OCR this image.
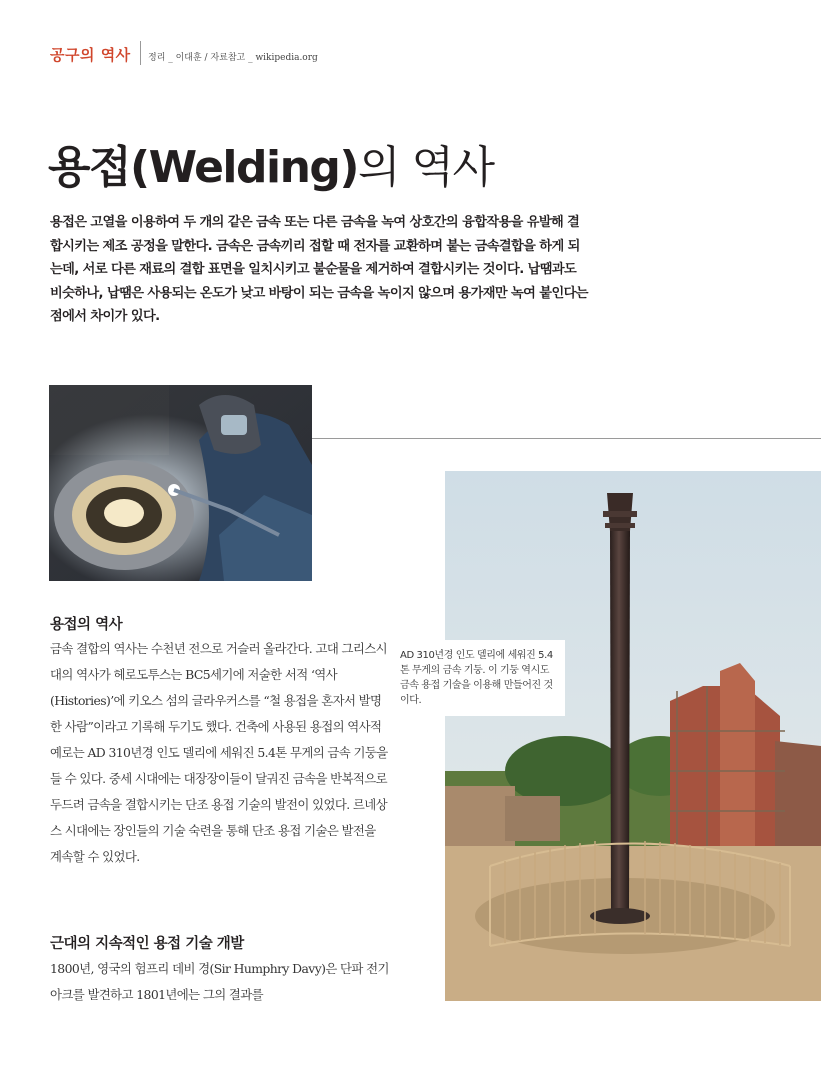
공구의 역사 정리 _ 이대훈 / 자료참고 _ wikipedia.org
용접(Welding)의 역사

용접은 고열을 이용하여 두 개의 같은 금속 또는 다른 금속을 녹여 상호간의 융합작용을 유발해 결합시키는 제조 공정을 말한다. 금속은 금속끼리 접할 때 전자를 교환하며 붙는 금속결합을 하게 되는데, 서로 다른 재료의 결합 표면을 일치시키고 불순물을 제거하여 결합시키는 것이다. 납땜과도 비슷하나, 납땜은 사용되는 온도가 낮고 바탕이 되는 금속을 녹이지 않으며 용가재만 녹여 붙인다는 점에서 차이가 있다.

AD 310년경 인도 델리에 세워진 5.4톤 무게의 금속 기둥. 이 기둥 역시도 금속 용접 기술을 이용해 만들어진 것이다.

용접의 역사

금속 결합의 역사는 수천년 전으로 거슬러 올라간다. 고대 그리스시대의 역사가 헤로도투스는 BC5세기에 저술한 서적 ‘역사(Histories)’에 키오스 섬의 글라우커스를 “철 용접을 혼자서 발명한 사람”이라고 기록해 두기도 했다. 건축에 사용된 용접의 역사적 예로는 AD 310년경 인도 델리에 세워진 5.4톤 무게의 금속 기둥을 들 수 있다. 중세 시대에는 대장장이들이 달궈진 금속을 반복적으로 두드려 금속을 결합시키는 단조 용접 기술의 발전이 있었다. 르네상스 시대에는 장인들의 기술 숙련을 통해 단조 용접 기술은 발전을 계속할 수 있었다.

근대의 지속적인 용접 기술 개발

1800년, 영국의 험프리 데비 경(Sir Humphry Davy)은 단파 전기 아크를 발견하고 1801년에는 그의 결과를
